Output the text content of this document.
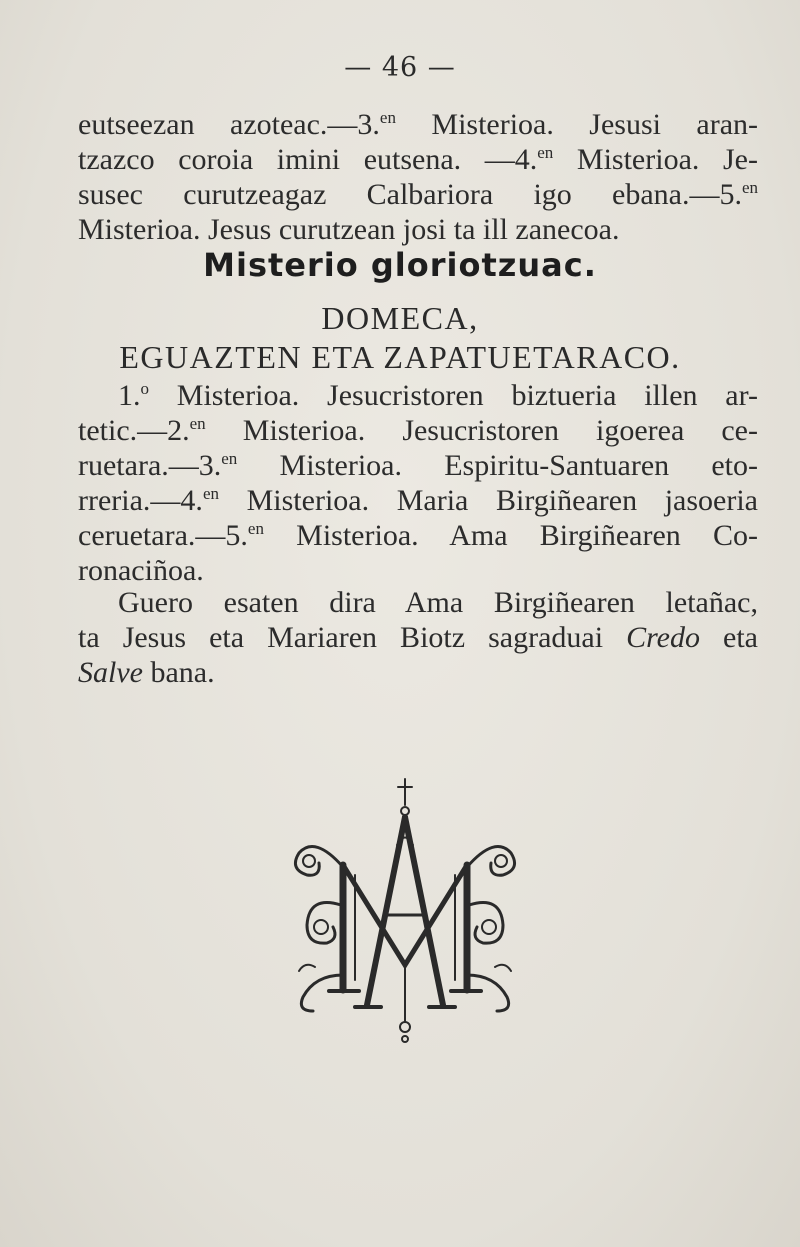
— 46 —
eutseezan azoteac.—3.$^{en}$ Misterioa. Jesusi aran-
tzazco coroia imini eutsena. —4.$^{en}$ Misterioa. Je-
susec curutzeagaz Calbariora igo ebana.—5.$^{en}$
Misterioa. Jesus curutzean josi ta ill zanecoa.
Misterio gloriotzuac.
DOMECA,
EGUAZTEN ETA ZAPATUETARACO.
1.$^o$ Misterioa. Jesucristoren biztueria illen ar-
tetic.—2.$^{en}$ Misterioa. Jesucristoren igoerea ce-
ruetara.—3.$^{en}$ Misterioa. Espiritu-Santuaren eto-
rreria.—4.$^{en}$ Misterioa. Maria Birgiñearen jasoeria
ceruetara.—5.$^{en}$ Misterioa. Ama Birgiñearen Co-
ronaciñoa.
Guero esaten dira Ama Birgiñearen letañac,
ta Jesus eta Mariaren Biotz sagraduai Credo eta
Salve bana.
